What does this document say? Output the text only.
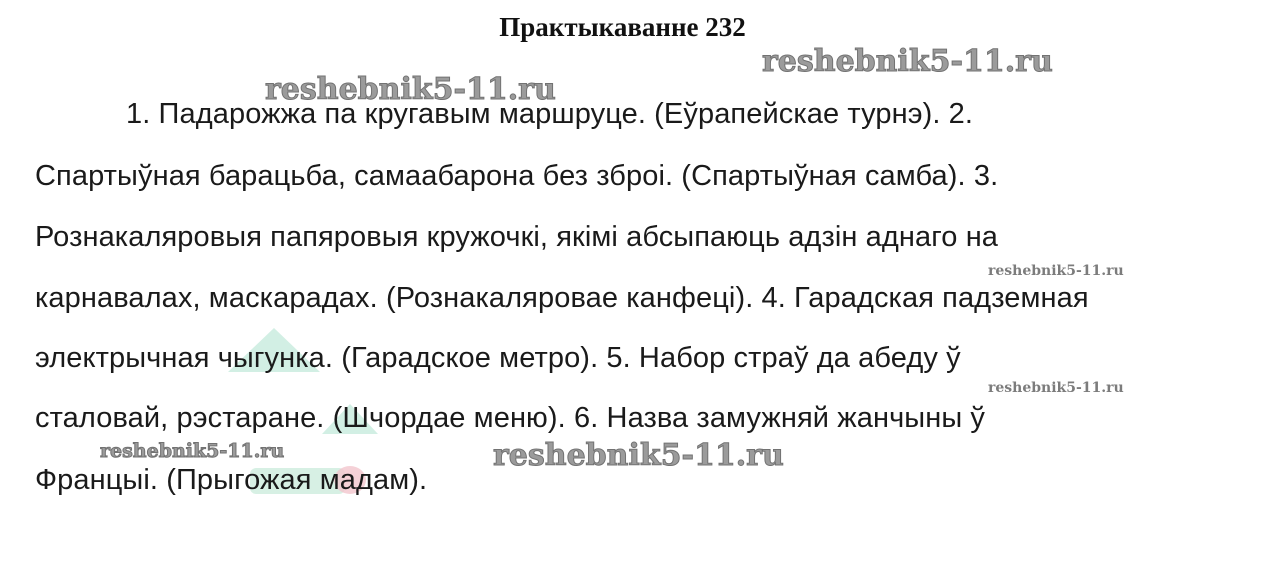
Практыкаванне 232
1. Падарожжа па кругавым маршруце. (Еўрапейскае турнэ). 2.
Спартыўная барацьба, самаабарона без зброі. (Спартыўная самба). 3.
Рознакаляровыя папяровыя кружочкі, якімі абсыпаюць адзін аднаго на
карнавалах, маскарадах. (Рознакаляровае канфеці). 4. Гарадская падземная
электрычная чыгунка. (Гарадское метро). 5. Набор страў да абеду ў
сталовай, рэстаране. (Шчордае меню). 6. Назва замужняй жанчыны ў
Францыі. (Прыгожая мадам).
reshebnik5-11.ru
reshebnik5-11.ru
reshebnik5-11.ru
reshebnik5-11.ru
reshebnik5-11.ru	reshebnik5-11.ru
